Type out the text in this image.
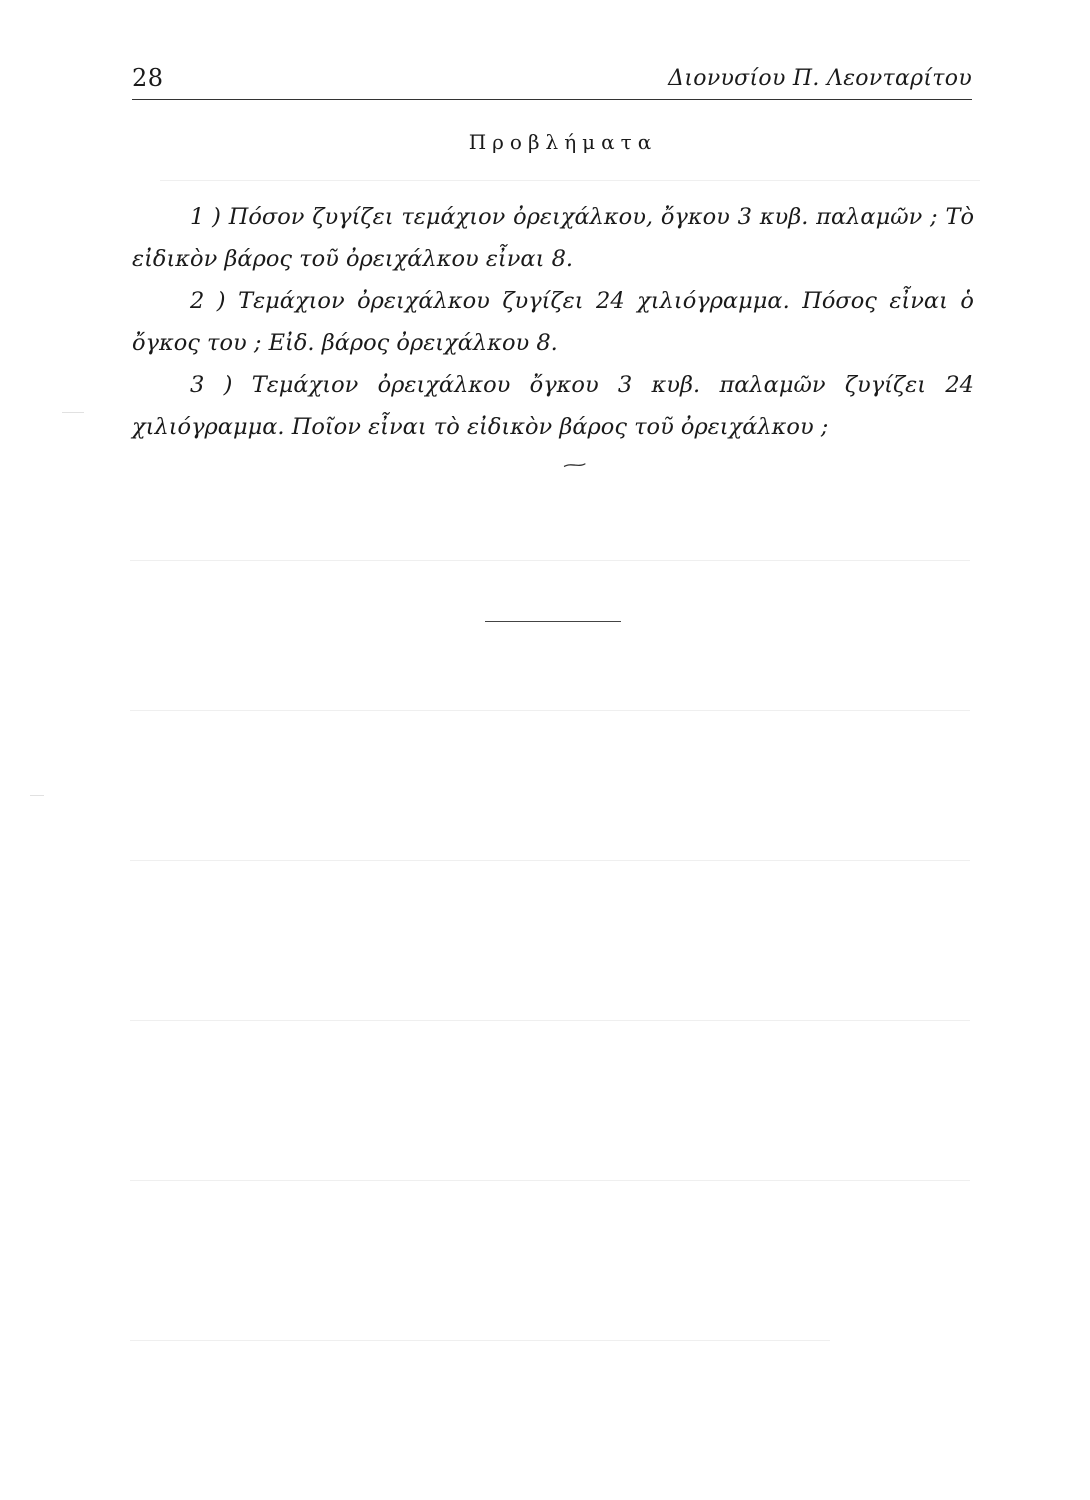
28	Διονυσίου Π. Λεονταρίτου
Προβλήματα

1 ) Πόσον ζυγίζει τεμάχιον ὀρειχάλκου, ὄγκου 3 κυβ. παλαμῶν ; Τὸ εἰδικὸν βάρος τοῦ ὀρειχάλκου εἶναι 8.

2 ) Τεμάχιον ὀρειχάλκου ζυγίζει 24 χιλιόγραμμα. Πόσος εἶναι ὁ ὄγκος του ; Εἰδ. βάρος ὀρειχάλκου 8.

3 ) Τεμάχιον ὀρειχάλκου ὄγκου 3 κυβ. παλαμῶν ζυγίζει 24 χιλιόγραμμα. Ποῖον εἶναι τὸ εἰδικὸν βάρος τοῦ ὀρειχάλκου ;

~
